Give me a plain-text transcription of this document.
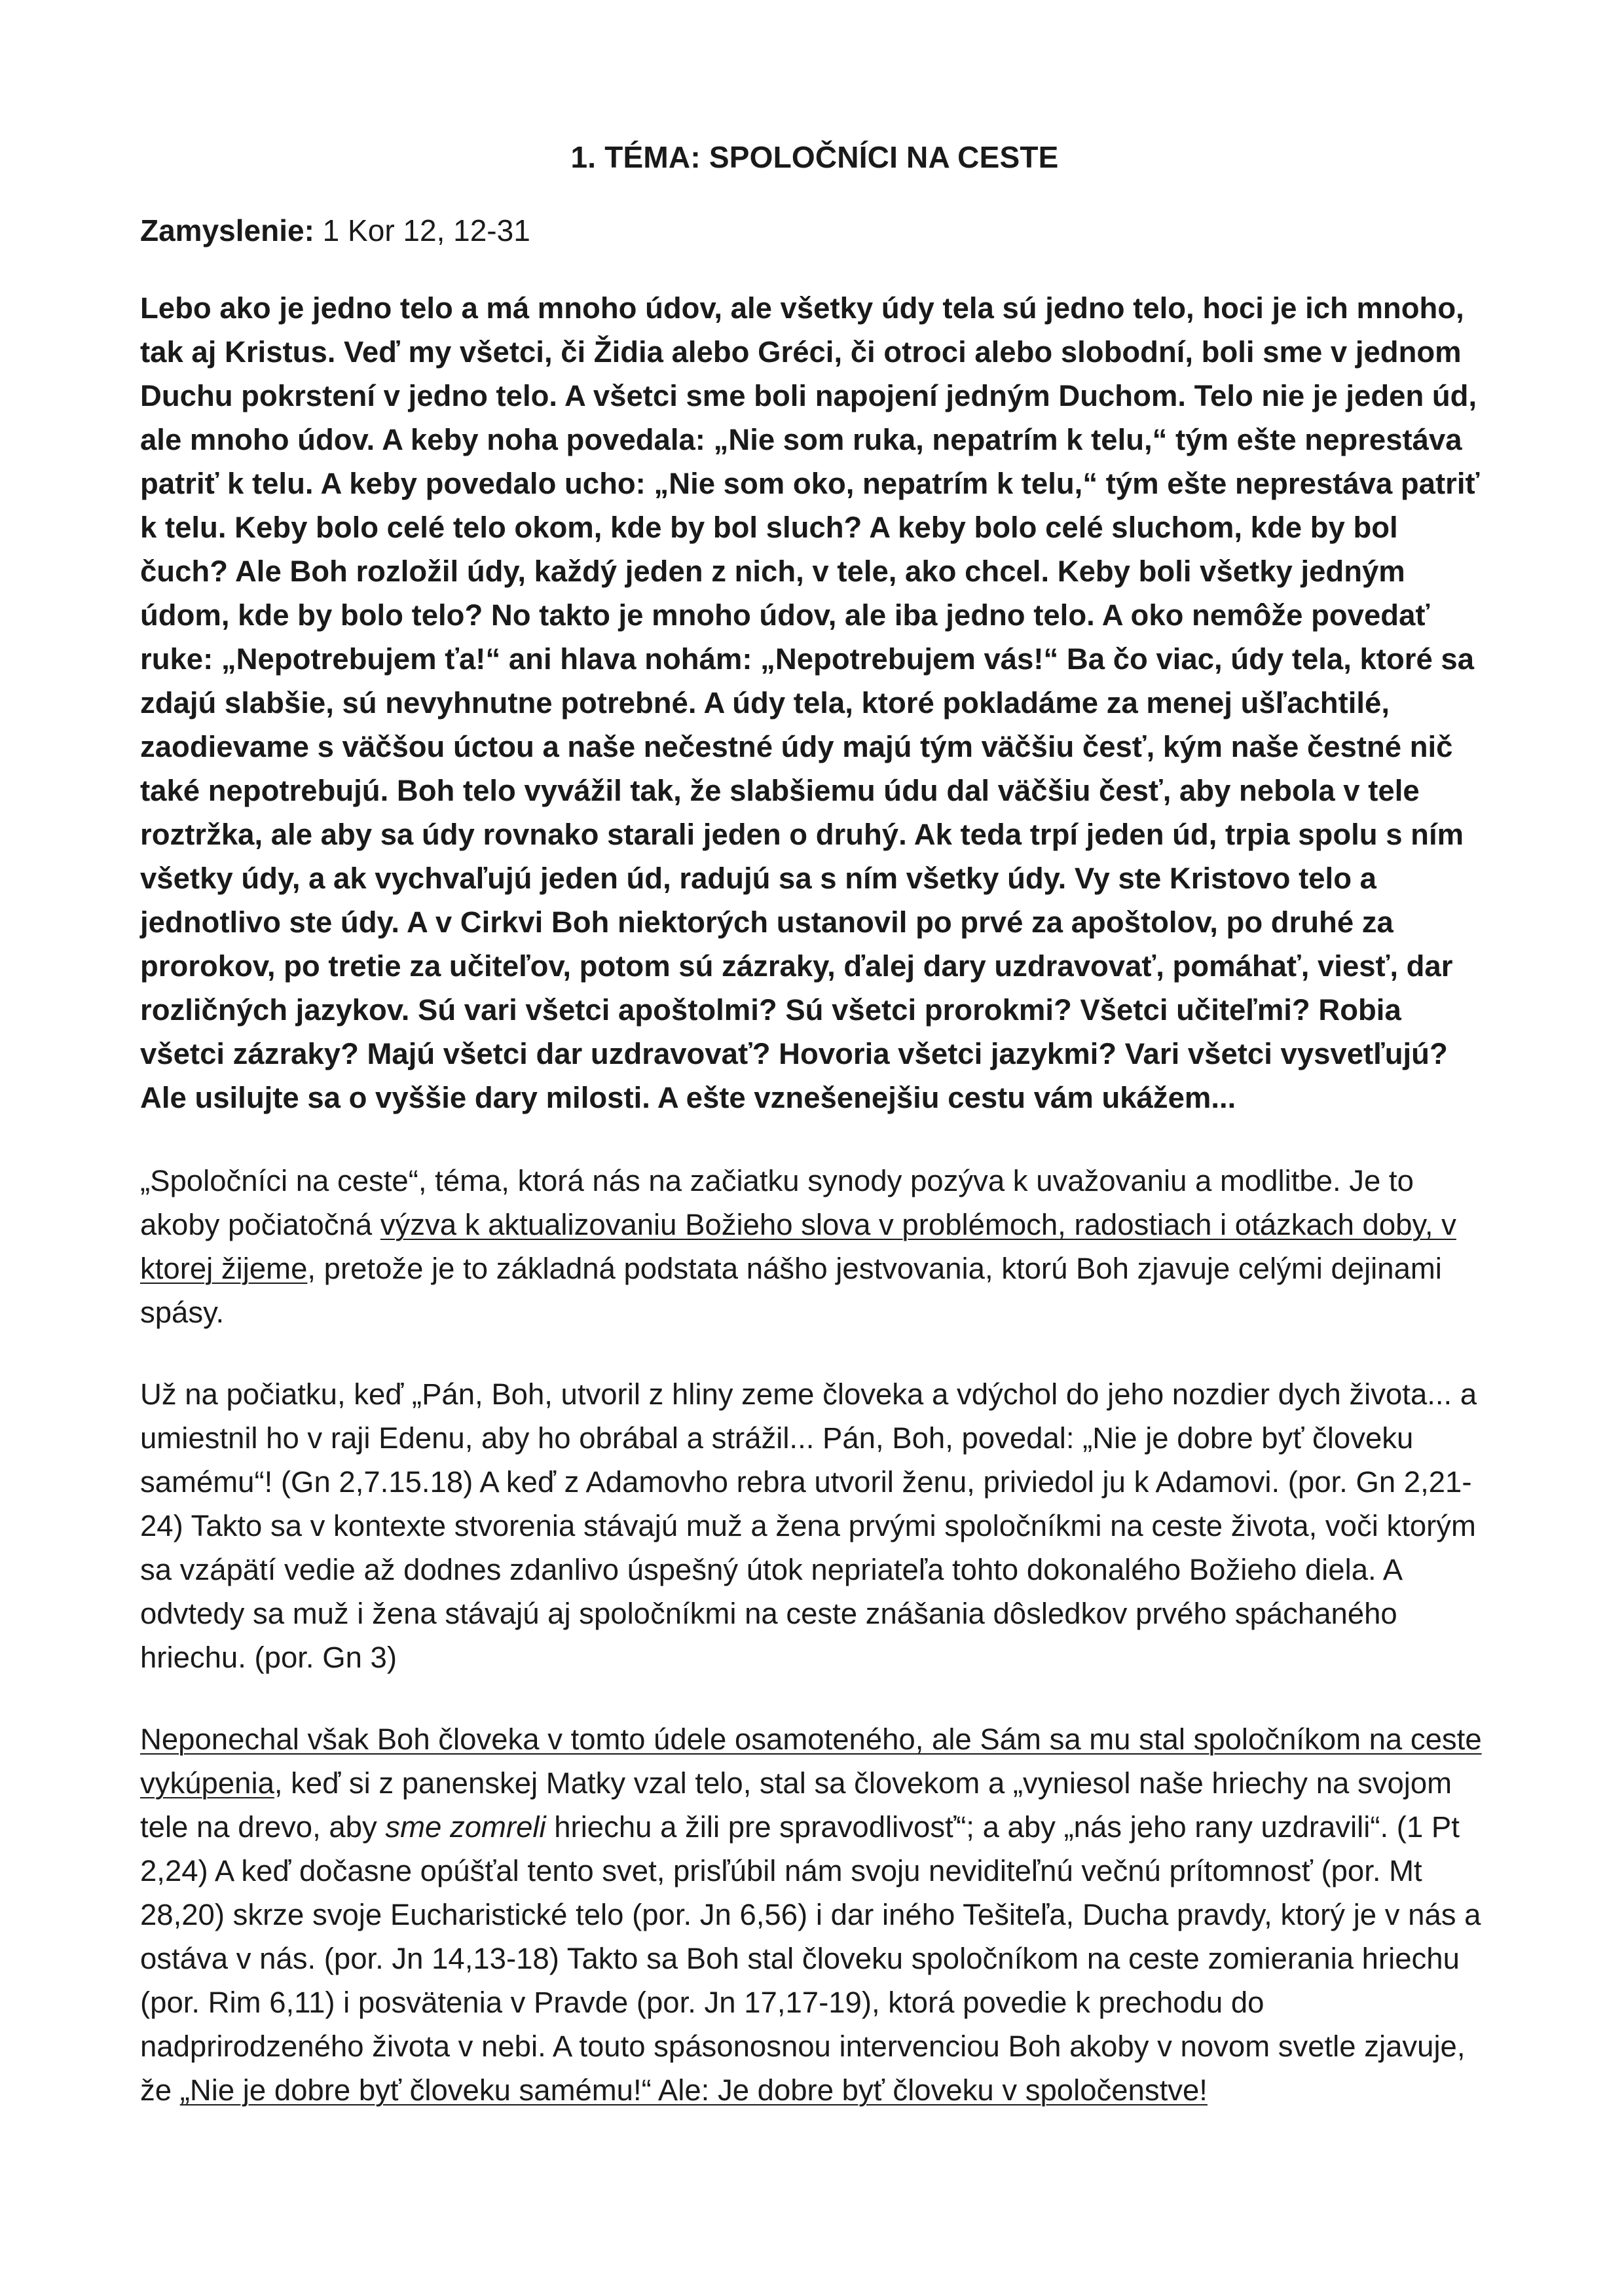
1. TÉMA: SPOLOČNÍCI NA CESTE
Zamyslenie: 1 Kor 12, 12-31
Lebo ako je jedno telo a má mnoho údov, ale všetky údy tela sú jedno telo, hoci je ich mnoho, tak aj Kristus. Veď my všetci, či Židia alebo Gréci, či otroci alebo slobodní, boli sme v jednom Duchu pokrstení v jedno telo. A všetci sme boli napojení jedným Duchom. Telo nie je jeden úd, ale mnoho údov. A keby noha povedala: „Nie som ruka, nepatrím k telu,“ tým ešte neprestáva patriť k telu. A keby povedalo ucho: „Nie som oko, nepatrím k telu,“ tým ešte neprestáva patriť k telu. Keby bolo celé telo okom, kde by bol sluch? A keby bolo celé sluchom, kde by bol čuch? Ale Boh rozložil údy, každý jeden z nich, v tele, ako chcel. Keby boli všetky jedným údom, kde by bolo telo? No takto je mnoho údov, ale iba jedno telo. A oko nemôže povedať ruke: „Nepotrebujem ťa!“ ani hlava nohám: „Nepotrebujem vás!“ Ba čo viac, údy tela, ktoré sa zdajú slabšie, sú nevyhnutne potrebné. A údy tela, ktoré pokladáme za menej ušľachtilé, zaodievame s väčšou úctou a naše nečestné údy majú tým väčšiu česť, kým naše čestné nič také nepotrebujú. Boh telo vyvážil tak, že slabšiemu údu dal väčšiu česť, aby nebola v tele roztržka, ale aby sa údy rovnako starali jeden o druhý. Ak teda trpí jeden úd, trpia spolu s ním všetky údy, a ak vychvaľujú jeden úd, radujú sa s ním všetky údy. Vy ste Kristovo telo a jednotlivo ste údy. A v Cirkvi Boh niektorých ustanovil po prvé za apoštolov, po druhé za prorokov, po tretie za učiteľov, potom sú zázraky, ďalej dary uzdravovať, pomáhať, viesť, dar rozličných jazykov. Sú vari všetci apoštolmi? Sú všetci prorokmi? Všetci učiteľmi? Robia všetci zázraky? Majú všetci dar uzdravovať? Hovoria všetci jazykmi? Vari všetci vysvetľujú? Ale usilujte sa o vyššie dary milosti. A ešte vznešenejšiu cestu vám ukážem...
„Spoločníci na ceste“, téma, ktorá nás na začiatku synody pozýva k uvažovaniu a modlitbe. Je to akoby počiatočná výzva k aktualizovaniu Božieho slova v problémoch, radostiach i otázkach doby, v ktorej žijeme, pretože je to základná podstata nášho jestvovania, ktorú Boh zjavuje celými dejinami spásy.
Už na počiatku, keď „Pán, Boh, utvoril z hliny zeme človeka a vdýchol do jeho nozdier dych života... a umiestnil ho v raji Edenu, aby ho obrábal a strážil... Pán, Boh, povedal: „Nie je dobre byť človeku samému“! (Gn 2,7.15.18) A keď z Adamovho rebra utvoril ženu, priviedol ju k Adamovi. (por. Gn 2,21-24) Takto sa v kontexte stvorenia stávajú muž a žena prvými spoločníkmi na ceste života, voči ktorým sa vzápätí vedie až dodnes zdanlivo úspešný útok nepriateľa tohto dokonalého Božieho diela. A odvtedy sa muž i žena stávajú aj spoločníkmi na ceste znášania dôsledkov prvého spáchaného hriechu. (por. Gn 3)
Neponechal však Boh človeka v tomto údele osamoteného, ale Sám sa mu stal spoločníkom na ceste vykúpenia, keď si z panenskej Matky vzal telo, stal sa človekom a „vyniesol naše hriechy na svojom tele na drevo, aby sme zomreli hriechu a žili pre spravodlivosť“; a aby „nás jeho rany uzdravili“. (1 Pt 2,24) A keď dočasne opúšťal tento svet, prisľúbil nám svoju neviditeľnú večnú prítomnosť (por. Mt 28,20) skrze svoje Eucharistické telo (por. Jn 6,56) i dar iného Tešiteľa, Ducha pravdy, ktorý je v nás a ostáva v nás. (por. Jn 14,13-18) Takto sa Boh stal človeku spoločníkom na ceste zomierania hriechu (por. Rim 6,11) i posvätenia v Pravde (por. Jn 17,17-19), ktorá povedie k prechodu do nadprirodzeného života v nebi. A touto spásonosnou intervenciou Boh akoby v novom svetle zjavuje, že „Nie je dobre byť človeku samému!“ Ale: Je dobre byť človeku v spoločenstve!
